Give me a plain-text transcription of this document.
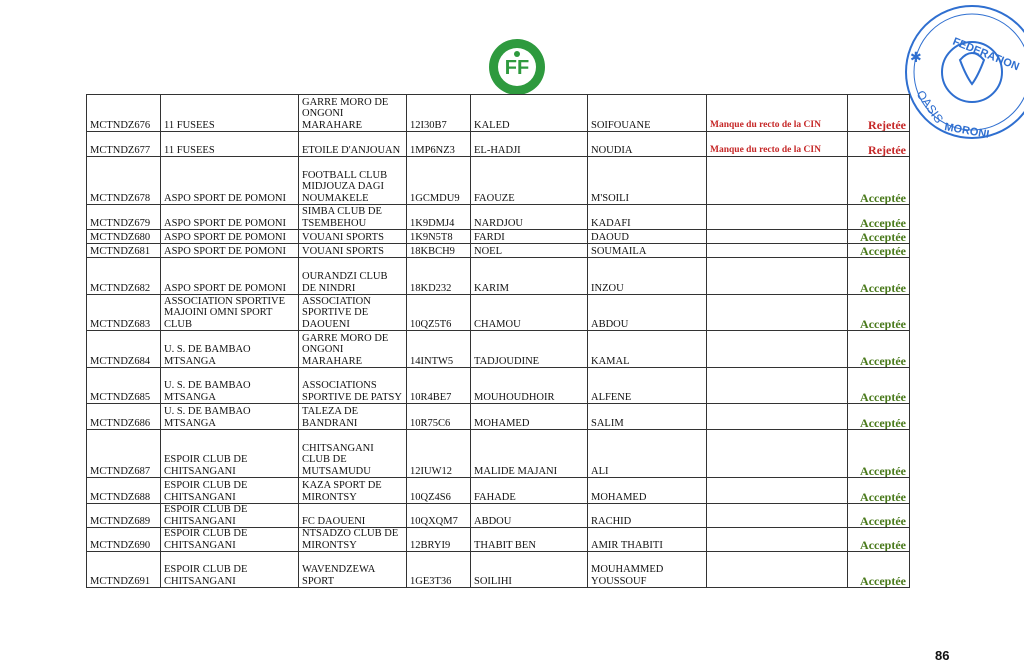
FF	FEDERATION
OASIS
MORONI
✱
MCTNDZ676	11 FUSEES	GARRE MORO DE ONGONI MARAHARE	12I30B7	KALED	SOIFOUANE	Manque du recto de la CIN	Rejetée
MCTNDZ677	11 FUSEES	ETOILE D'ANJOUAN	1MP6NZ3	EL-HADJI	NOUDIA	Manque du recto de la CIN	Rejetée
MCTNDZ678	ASPO SPORT DE POMONI	FOOTBALL CLUB MIDJOUZA DAGI NOUMAKELE	1GCMDU9	FAOUZE	M'SOILI		Acceptée
MCTNDZ679	ASPO SPORT DE POMONI	SIMBA CLUB DE TSEMBEHOU	1K9DMJ4	NARDJOU	KADAFI		Acceptée
MCTNDZ680	ASPO SPORT DE POMONI	VOUANI SPORTS	1K9N5T8	FARDI	DAOUD		Acceptée
MCTNDZ681	ASPO SPORT DE POMONI	VOUANI SPORTS	18KBCH9	NOEL	SOUMAILA		Acceptée
MCTNDZ682	ASPO SPORT DE POMONI	OURANDZI CLUB DE NINDRI	18KD232	KARIM	INZOU		Acceptée
MCTNDZ683	ASSOCIATION SPORTIVE MAJOINI OMNI SPORT CLUB	ASSOCIATION SPORTIVE DE DAOUENI	10QZ5T6	CHAMOU	ABDOU		Acceptée
MCTNDZ684	U. S. DE BAMBAO MTSANGA	GARRE MORO DE ONGONI MARAHARE	14INTW5	TADJOUDINE	KAMAL		Acceptée
MCTNDZ685	U. S. DE BAMBAO MTSANGA	ASSOCIATIONS SPORTIVE DE PATSY	10R4BE7	MOUHOUDHOIR	ALFENE		Acceptée
MCTNDZ686	U. S. DE BAMBAO MTSANGA	TALEZA DE BANDRANI	10R75C6	MOHAMED	SALIM		Acceptée
MCTNDZ687	ESPOIR CLUB DE CHITSANGANI	CHITSANGANI CLUB DE MUTSAMUDU	12IUW12	MALIDE MAJANI	ALI		Acceptée
MCTNDZ688	ESPOIR CLUB DE CHITSANGANI	KAZA SPORT DE MIRONTSY	10QZ4S6	FAHADE	MOHAMED		Acceptée
MCTNDZ689	ESPOIR CLUB DE CHITSANGANI	FC DAOUENI	10QXQM7	ABDOU	RACHID		Acceptée
MCTNDZ690	ESPOIR CLUB DE CHITSANGANI	NTSADZO CLUB DE MIRONTSY	12BRYI9	THABIT BEN	AMIR THABITI		Acceptée
MCTNDZ691	ESPOIR CLUB DE CHITSANGANI	WAVENDZEWA SPORT	1GE3T36	SOILIHI	MOUHAMMED YOUSSOUF		Acceptée
86
